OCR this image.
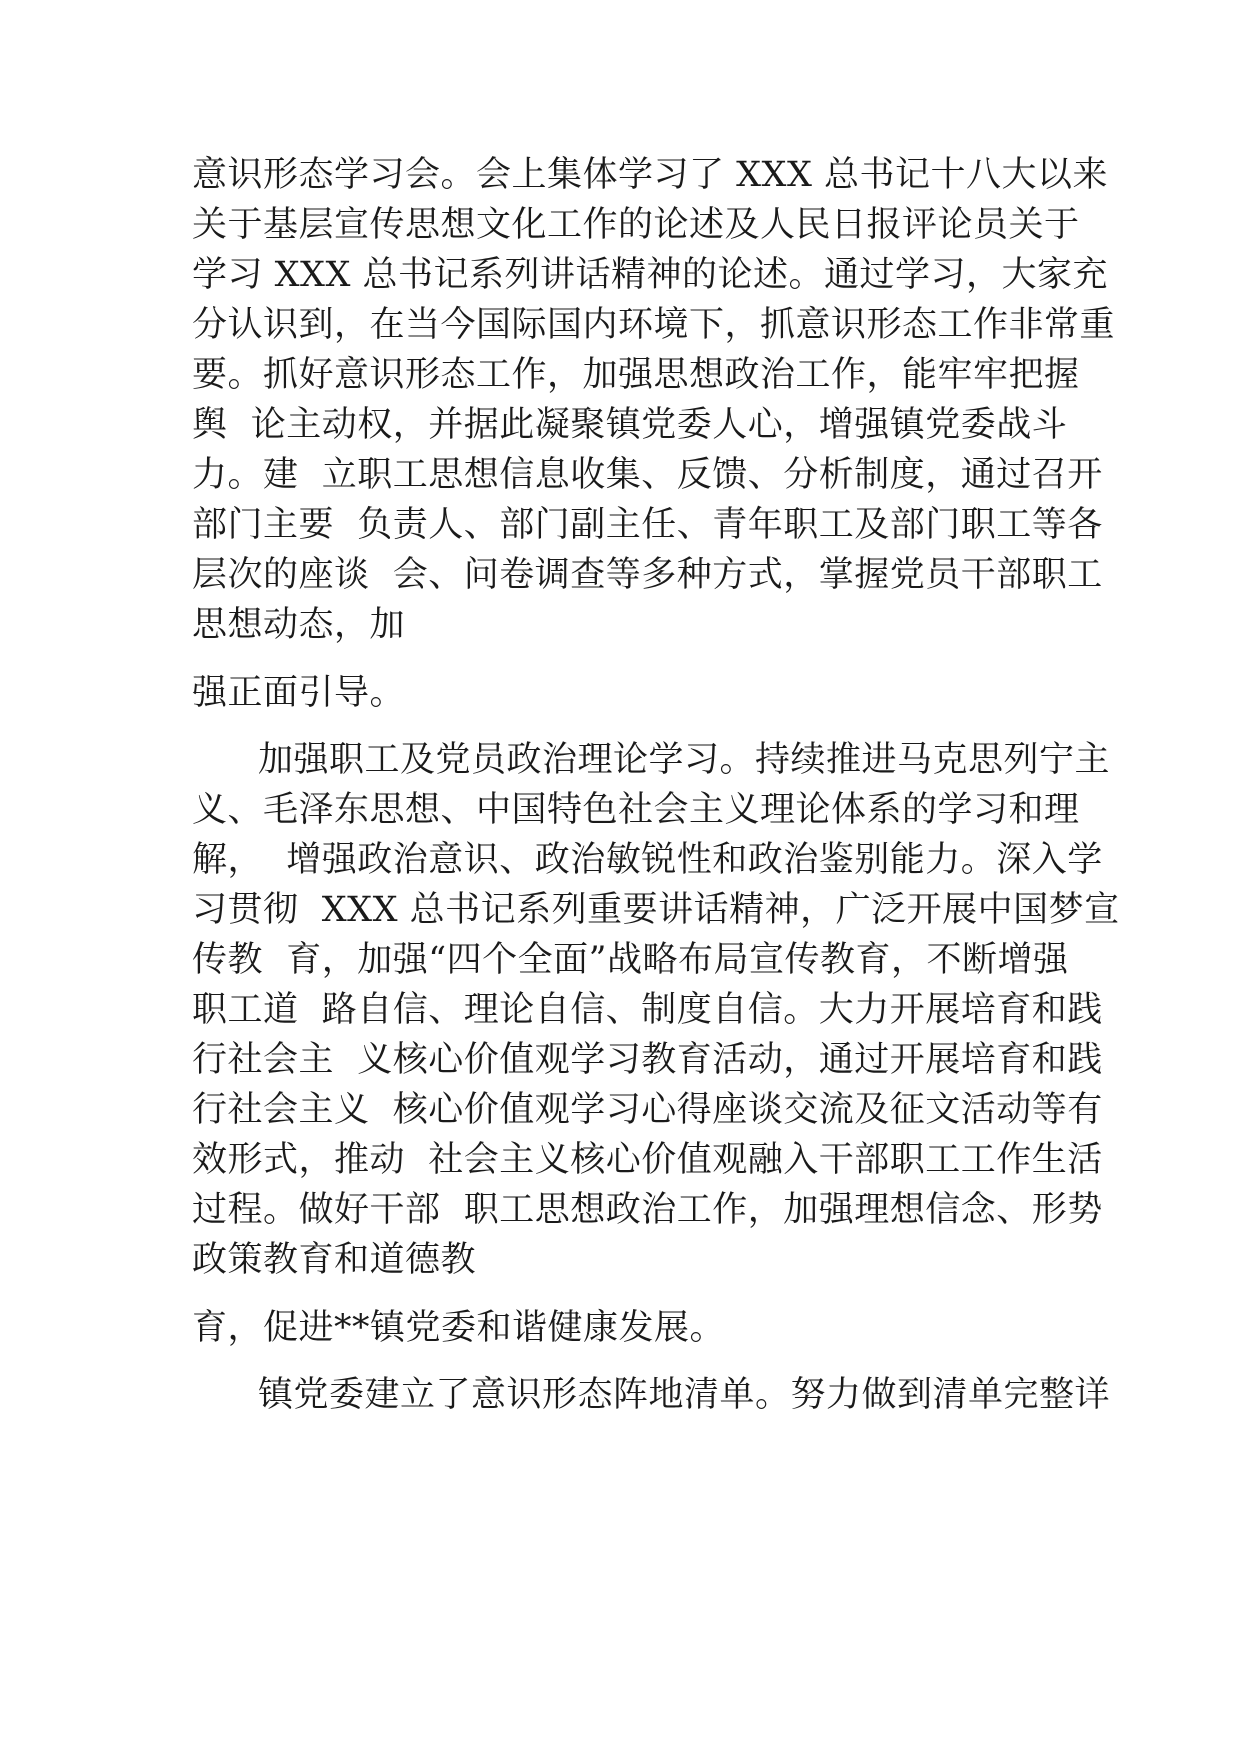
意识形态学习会。会上集体学习了 XXX 总书记十八大以来
关于基层宣传思想文化工作的论述及人民日报评论员关于
学习 XXX 总书记系列讲话精神的论述。通过学习，大家充
分认识到，在当今国际国内环境下，抓意识形态工作非常重
要。抓好意识形态工作，加强思想政治工作，能牢牢把握
舆  论主动权，并据此凝聚镇党委人心，增强镇党委战斗
力。建  立职工思想信息收集、反馈、分析制度，通过召开
部门主要  负责人、部门副主任、青年职工及部门职工等各
层次的座谈  会、问卷调查等多种方式，掌握党员干部职工
思想动态，加
强正面引导。
加强职工及党员政治理论学习。持续推进马克思列宁主
义、毛泽东思想、中国特色社会主义理论体系的学习和理
解，  增强政治意识、政治敏锐性和政治鉴别能力。深入学
习贯彻  XXX 总书记系列重要讲话精神，广泛开展中国梦宣
传教  育，加强“四个全面”战略布局宣传教育，不断增强
职工道  路自信、理论自信、制度自信。大力开展培育和践
行社会主  义核心价值观学习教育活动，通过开展培育和践
行社会主义  核心价值观学习心得座谈交流及征文活动等有
效形式，推动  社会主义核心价值观融入干部职工工作生活
过程。做好干部  职工思想政治工作，加强理想信念、形势
政策教育和道德教
育，促进**镇党委和谐健康发展。
镇党委建立了意识形态阵地清单。努力做到清单完整详
